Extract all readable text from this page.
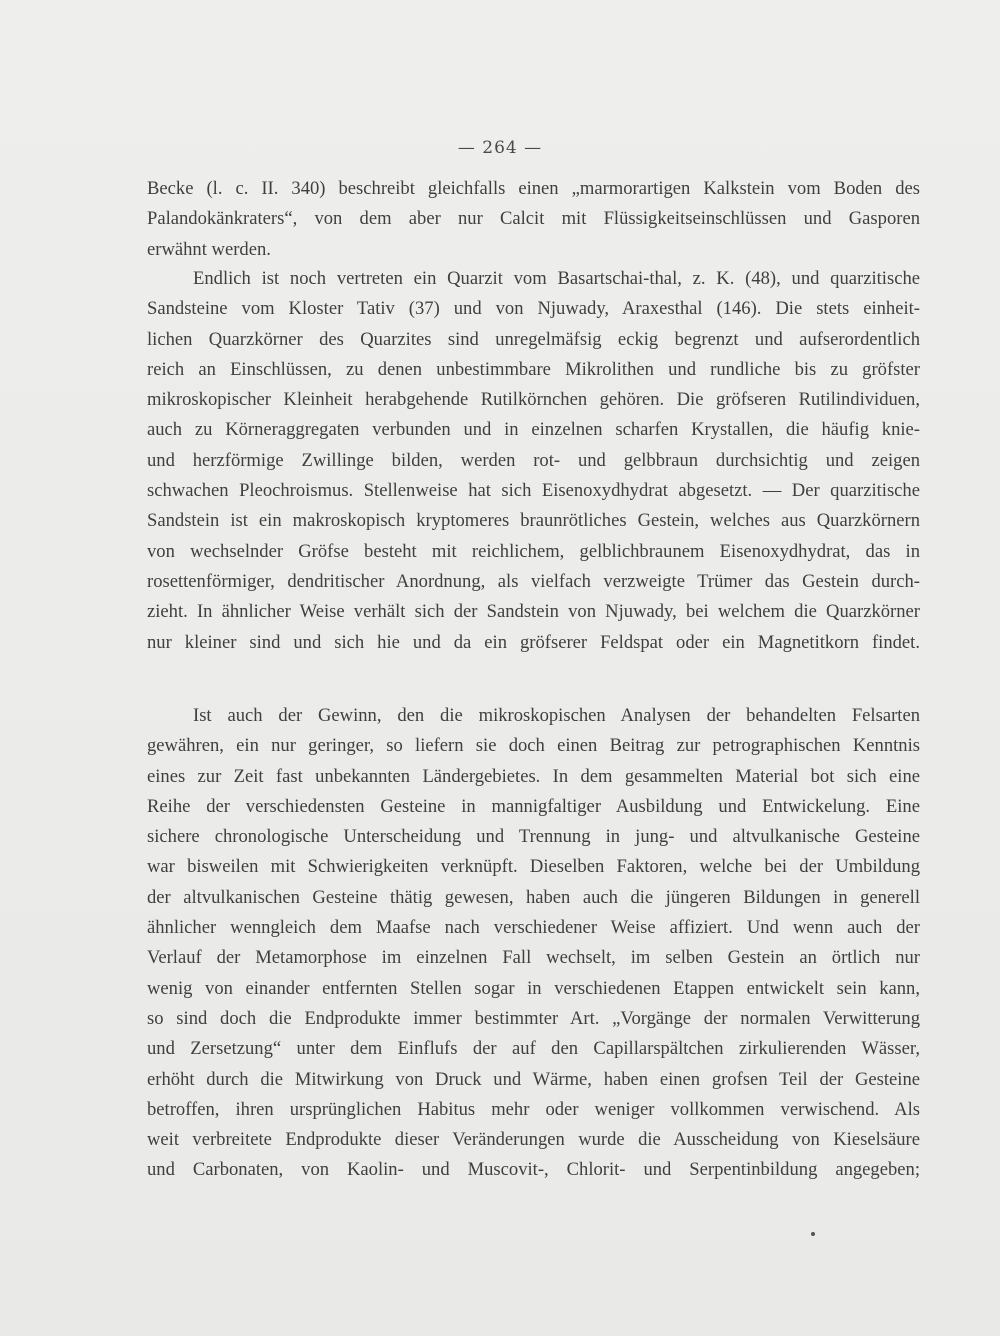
— 264 —
Becke (l. c. II. 340) beschreibt gleichfalls einen „marmorartigen Kalkstein vom Boden des
Palandokänkraters“, von dem aber nur Calcit mit Flüssigkeitseinschlüssen und Gasporen
erwähnt werden.
Endlich ist noch vertreten ein Quarzit vom Basartschai-thal, z. K. (48), und quarzitische
Sandsteine vom Kloster Tativ (37) und von Njuwady, Araxesthal (146). Die stets einheit-
lichen Quarzkörner des Quarzites sind unregelmäfsig eckig begrenzt und aufserordentlich
reich an Einschlüssen, zu denen unbestimmbare Mikrolithen und rundliche bis zu gröfster
mikroskopischer Kleinheit herabgehende Rutilkörnchen gehören. Die gröfseren Rutilindividuen,
auch zu Körneraggregaten verbunden und in einzelnen scharfen Krystallen, die häufig knie-
und herzförmige Zwillinge bilden, werden rot- und gelbbraun durchsichtig und zeigen
schwachen Pleochroismus. Stellenweise hat sich Eisenoxydhydrat abgesetzt. — Der quarzitische
Sandstein ist ein makroskopisch kryptomeres braunrötliches Gestein, welches aus Quarzkörnern
von wechselnder Gröfse besteht mit reichlichem, gelblichbraunem Eisenoxydhydrat, das in
rosettenförmiger, dendritischer Anordnung, als vielfach verzweigte Trümer das Gestein durch-
zieht. In ähnlicher Weise verhält sich der Sandstein von Njuwady, bei welchem die Quarzkörner
nur kleiner sind und sich hie und da ein gröfserer Feldspat oder ein Magnetitkorn findet.
Ist auch der Gewinn, den die mikroskopischen Analysen der behandelten Felsarten
gewähren, ein nur geringer, so liefern sie doch einen Beitrag zur petrographischen Kenntnis
eines zur Zeit fast unbekannten Ländergebietes. In dem gesammelten Material bot sich eine
Reihe der verschiedensten Gesteine in mannigfaltiger Ausbildung und Entwickelung. Eine
sichere chronologische Unterscheidung und Trennung in jung- und altvulkanische Gesteine
war bisweilen mit Schwierigkeiten verknüpft. Dieselben Faktoren, welche bei der Umbildung
der altvulkanischen Gesteine thätig gewesen, haben auch die jüngeren Bildungen in generell
ähnlicher wenngleich dem Maafse nach verschiedener Weise affiziert. Und wenn auch der
Verlauf der Metamorphose im einzelnen Fall wechselt, im selben Gestein an örtlich nur
wenig von einander entfernten Stellen sogar in verschiedenen Etappen entwickelt sein kann,
so sind doch die Endprodukte immer bestimmter Art. „Vorgänge der normalen Verwitterung
und Zersetzung“ unter dem Einflufs der auf den Capillarspältchen zirkulierenden Wässer,
erhöht durch die Mitwirkung von Druck und Wärme, haben einen grofsen Teil der Gesteine
betroffen, ihren ursprünglichen Habitus mehr oder weniger vollkommen verwischend. Als
weit verbreitete Endprodukte dieser Veränderungen wurde die Ausscheidung von Kieselsäure
und Carbonaten, von Kaolin- und Muscovit-, Chlorit- und Serpentinbildung angegeben;
